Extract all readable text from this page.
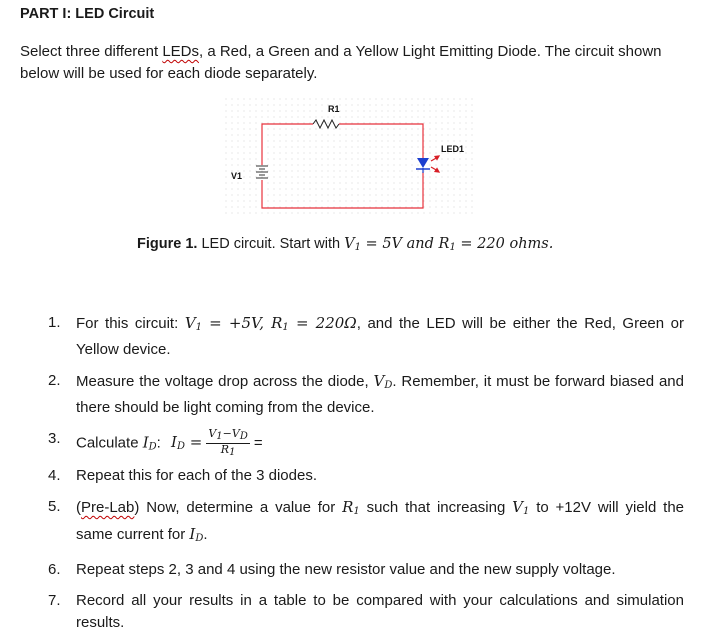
PART I: LED Circuit
Select three different LEDs, a Red, a Green and a Yellow Light Emitting Diode. The circuit shown below will be used for each diode separately.
R1
V1
LED1
Figure 1. LED circuit. Start with $V_1 = 5V$ and $R_1 = 220$ ohms.
1. For this circuit: $V_1 = +5V$, $R_1 = 220\Omega$, and the LED will be either the Red, Green or Yellow device.
2. Measure the voltage drop across the diode, $V_D$. Remember, it must be forward biased and there should be light coming from the device.
3. Calculate $I_D$: $I_D = \frac{V_1-V_D}{R_1}$ =
4. Repeat this for each of the 3 diodes.
5. (Pre-Lab) Now, determine a value for $R_1$ such that increasing $V_1$ to +12V will yield the same current for $I_D$.
6. Repeat steps 2, 3 and 4 using the new resistor value and the new supply voltage.
7. Record all your results in a table to be compared with your calculations and simulation results.
